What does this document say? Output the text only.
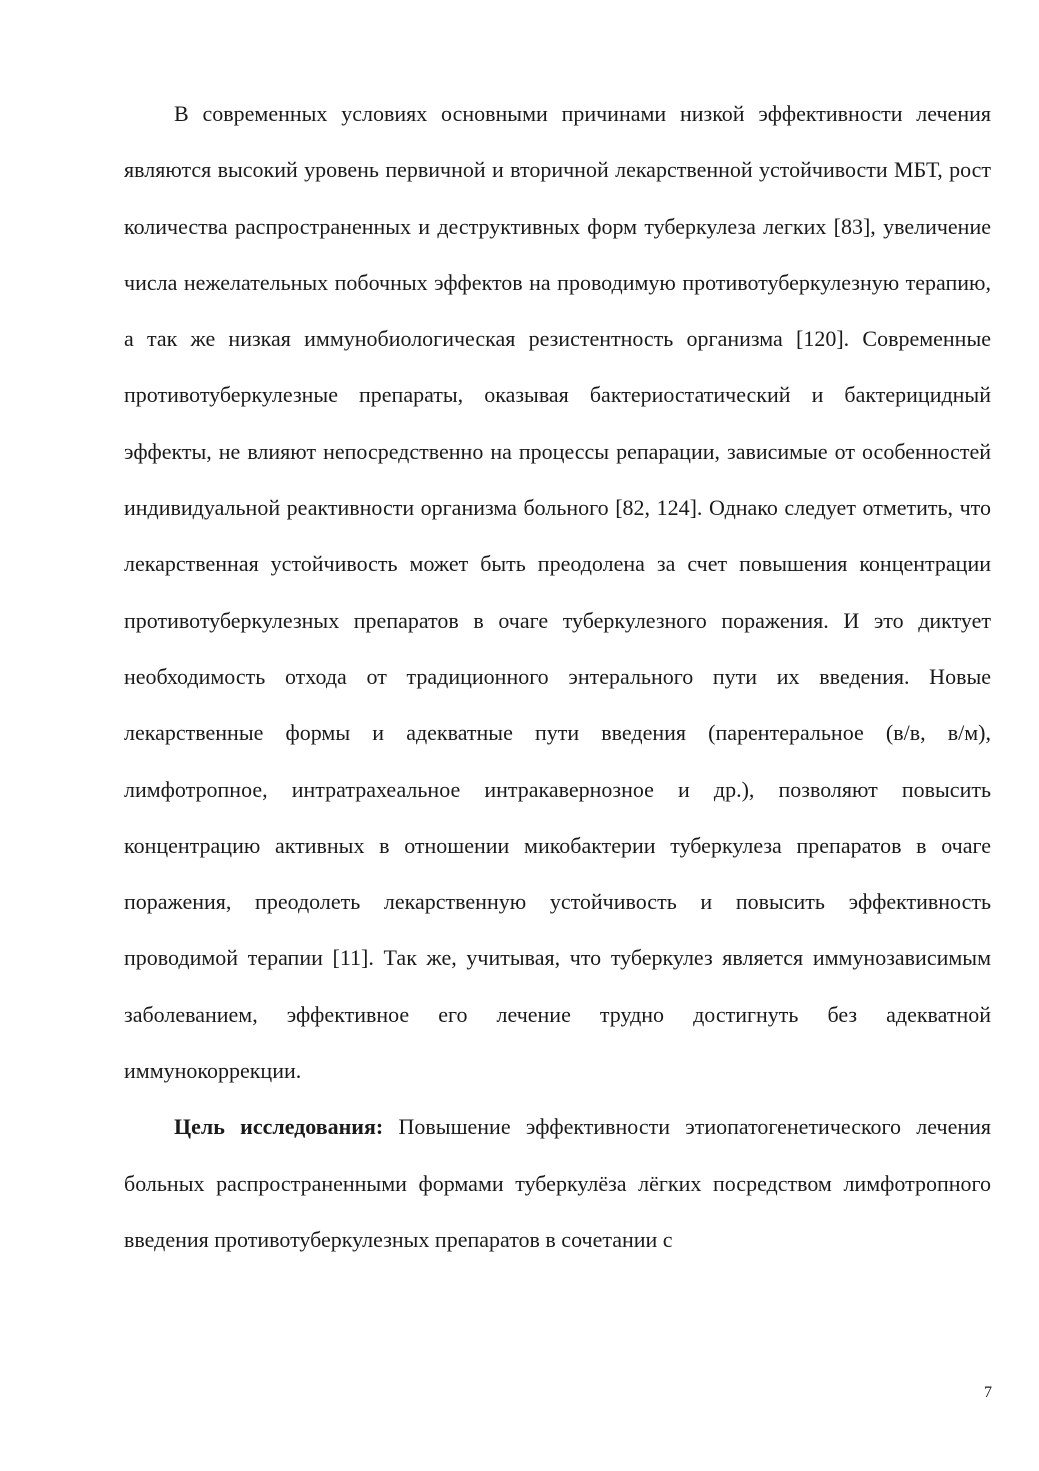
В современных условиях основными причинами низкой эффективности лечения являются высокий уровень первичной и вторичной лекарственной устойчивости МБТ, рост количества распространенных и деструктивных форм туберкулеза легких [83], увеличение числа нежелательных побочных эффектов на проводимую противотуберкулезную терапию, а так же низкая иммунобиологическая резистентность организма [120]. Современные противотуберкулезные препараты, оказывая бактериостатический и бактерицидный эффекты, не влияют непосредственно на процессы репарации, зависимые от особенностей индивидуальной реактивности организма больного [82, 124]. Однако следует отметить, что лекарственная устойчивость может быть преодолена за счет повышения концентрации противотуберкулезных препаратов в очаге туберкулезного поражения. И это диктует необходимость отхода от традиционного энтерального пути их введения. Новые лекарственные формы и адекватные пути введения (парентеральное (в/в, в/м), лимфотропное, интратрахеальное интракавернозное и др.), позволяют повысить концентрацию активных в отношении микобактерии туберкулеза препаратов в очаге поражения, преодолеть лекарственную устойчивость и повысить эффективность проводимой терапии [11]. Так же, учитывая, что туберкулез является иммунозависимым заболеванием, эффективное его лечение трудно достигнуть без адекватной иммунокоррекции.

Цель исследования: Повышение эффективности этиопатогенетического лечения больных распространенными формами туберкулёза лёгких посредством лимфотропного введения противотуберкулезных препаратов в сочетании с

7
